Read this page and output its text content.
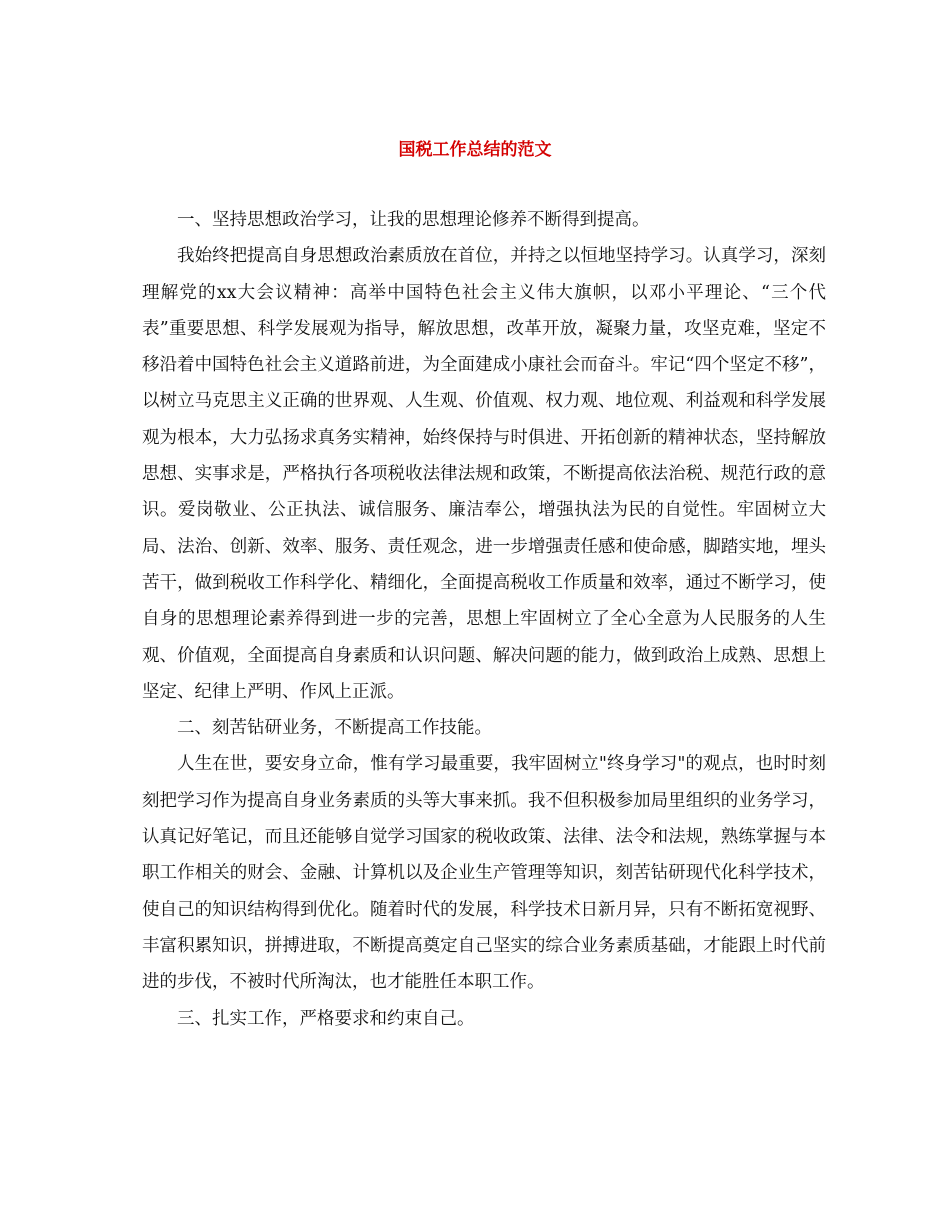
国税工作总结的范文

一、坚持思想政治学习，让我的思想理论修养不断得到提高。

我始终把提高自身思想政治素质放在首位，并持之以恒地坚持学习。认真学习，深刻理解党的xx大会议精神：高举中国特色社会主义伟大旗帜，以邓小平理论、“三个代表”重要思想、科学发展观为指导，解放思想，改革开放，凝聚力量，攻坚克难，坚定不移沿着中国特色社会主义道路前进，为全面建成小康社会而奋斗。牢记“四个坚定不移”，以树立马克思主义正确的世界观、人生观、价值观、权力观、地位观、利益观和科学发展观为根本，大力弘扬求真务实精神，始终保持与时俱进、开拓创新的精神状态，坚持解放思想、实事求是，严格执行各项税收法律法规和政策，不断提高依法治税、规范行政的意识。爱岗敬业、公正执法、诚信服务、廉洁奉公，增强执法为民的自觉性。牢固树立大局、法治、创新、效率、服务、责任观念，进一步增强责任感和使命感，脚踏实地，埋头苦干，做到税收工作科学化、精细化，全面提高税收工作质量和效率，通过不断学习，使自身的思想理论素养得到进一步的完善，思想上牢固树立了全心全意为人民服务的人生观、价值观，全面提高自身素质和认识问题、解决问题的能力，做到政治上成熟、思想上坚定、纪律上严明、作风上正派。

二、刻苦钻研业务，不断提高工作技能。

人生在世，要安身立命，惟有学习最重要，我牢固树立"终身学习"的观点，也时时刻刻把学习作为提高自身业务素质的头等大事来抓。我不但积极参加局里组织的业务学习，认真记好笔记，而且还能够自觉学习国家的税收政策、法律、法令和法规，熟练掌握与本职工作相关的财会、金融、计算机以及企业生产管理等知识，刻苦钻研现代化科学技术，使自己的知识结构得到优化。随着时代的发展，科学技术日新月异，只有不断拓宽视野、丰富积累知识，拼搏进取，不断提高奠定自己坚实的综合业务素质基础，才能跟上时代前进的步伐，不被时代所淘汰，也才能胜任本职工作。

三、扎实工作，严格要求和约束自己。
